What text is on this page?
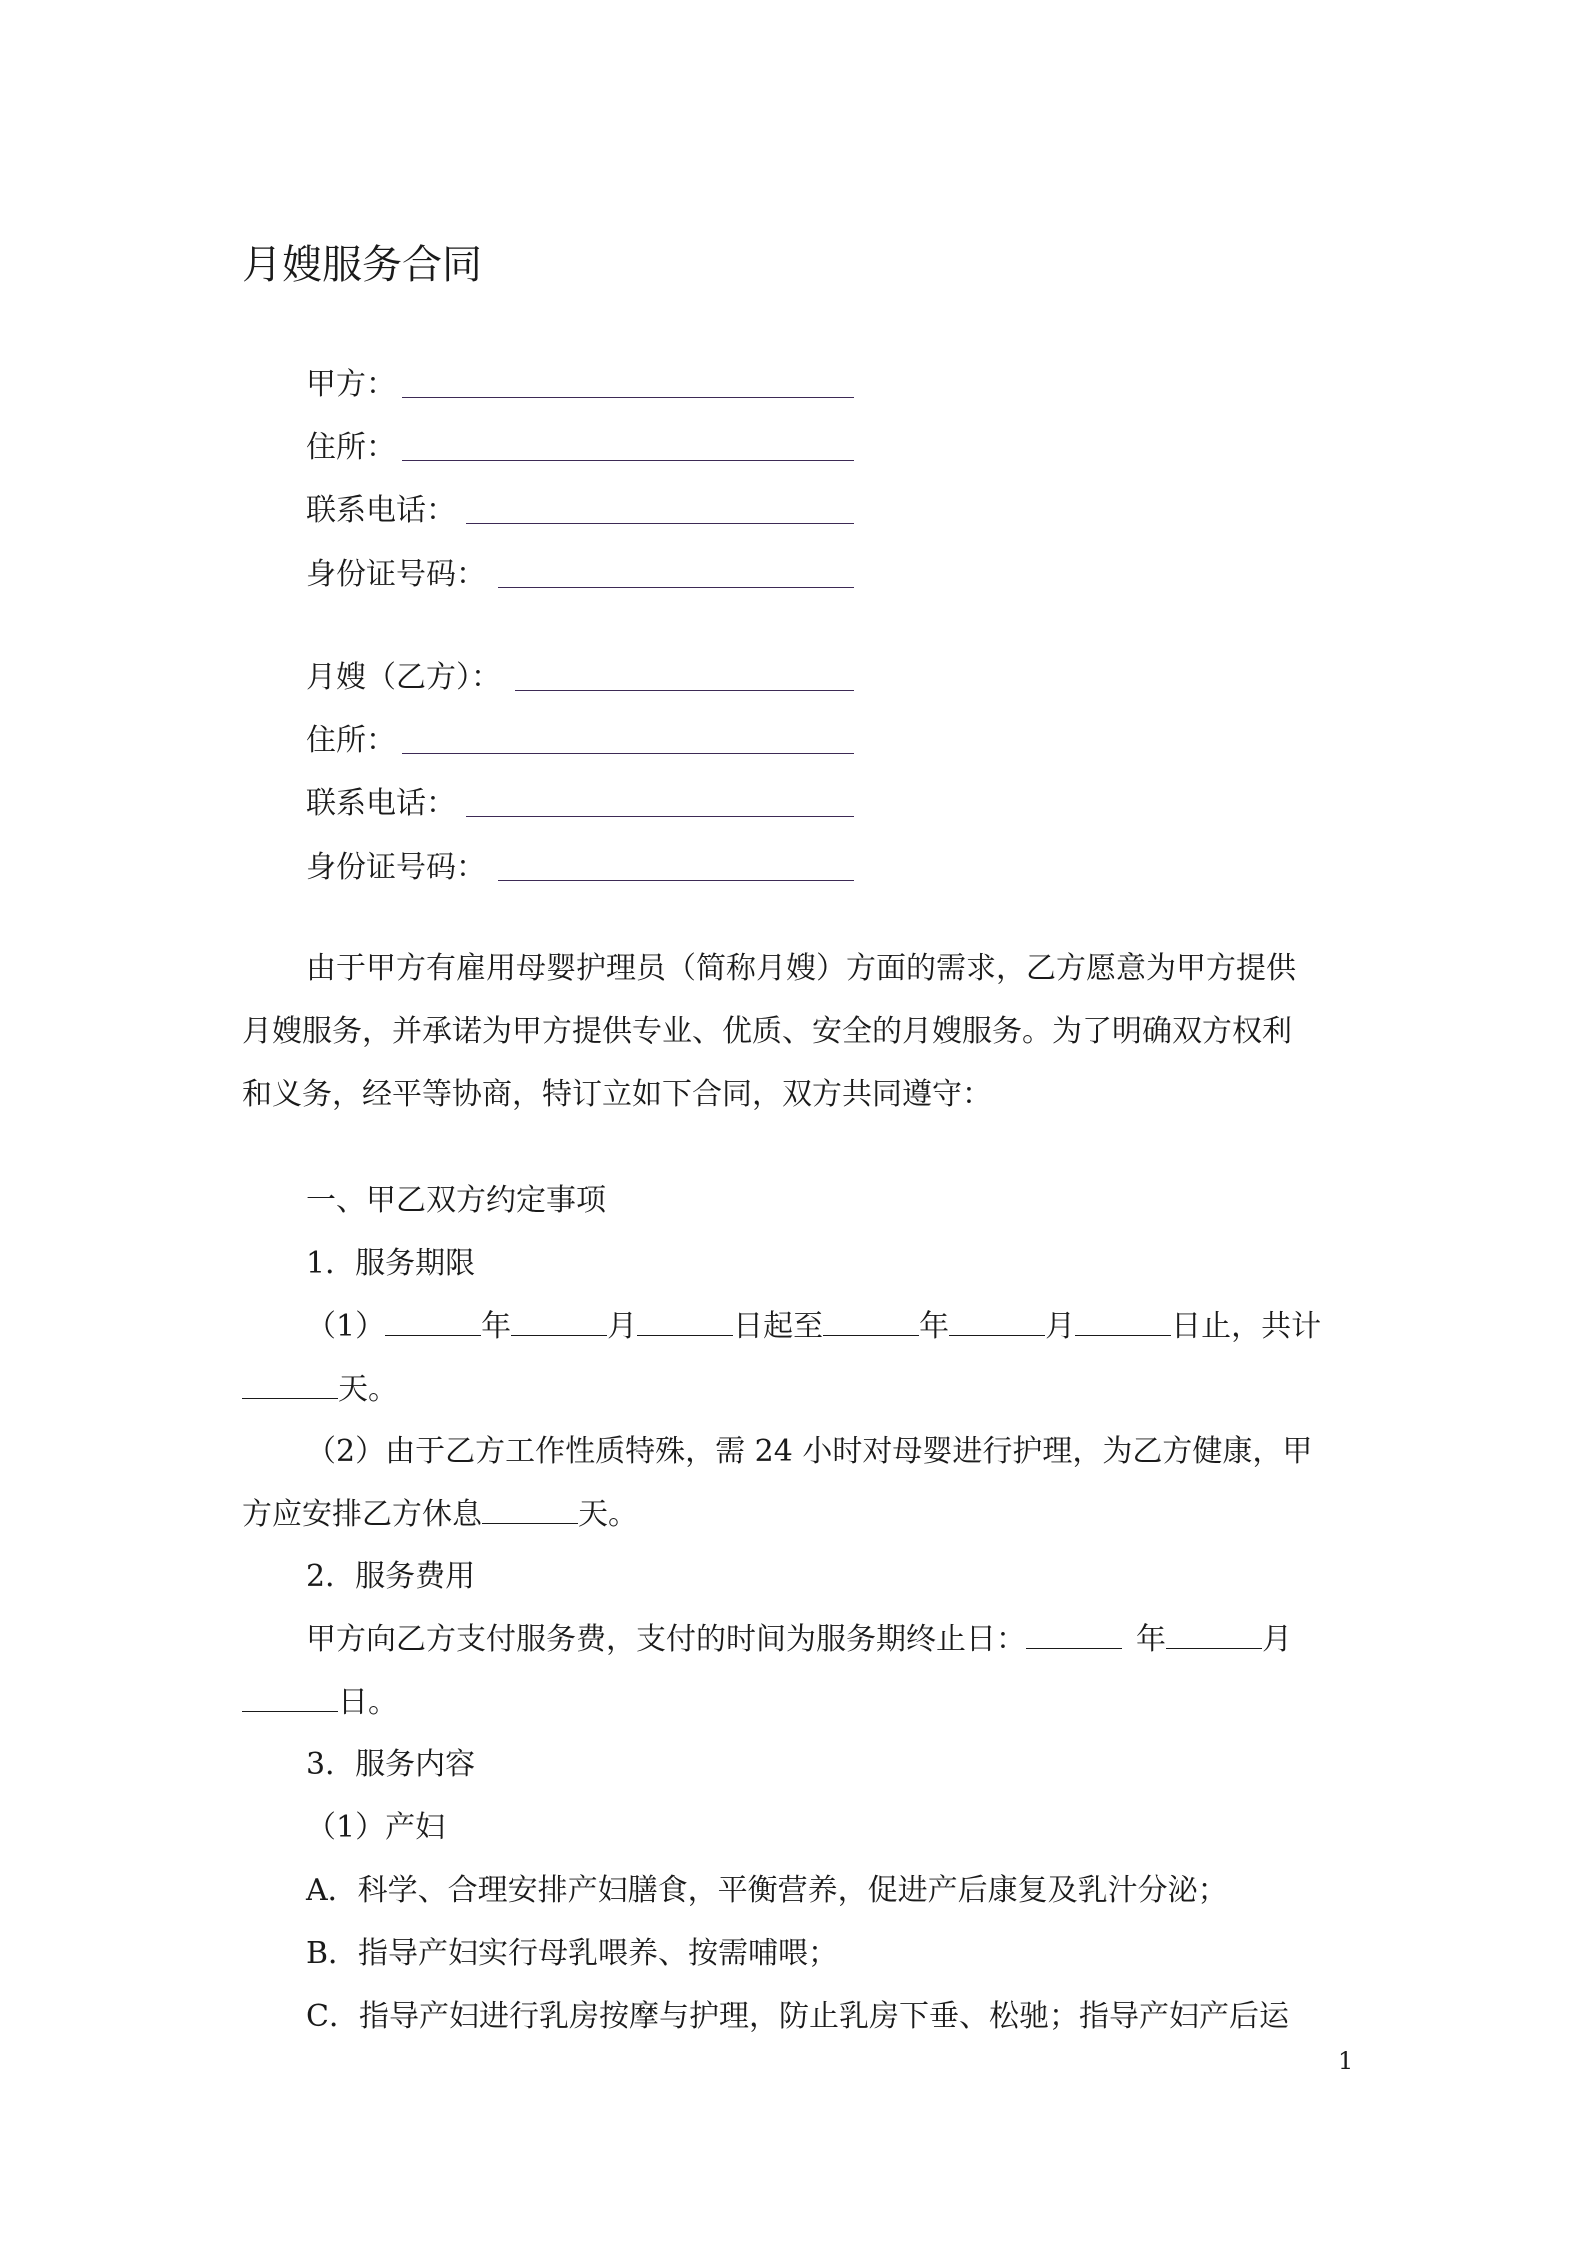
月嫂服务合同
甲方：
住所：
联系电话：
身份证号码：
月嫂（乙方）：
住所：
联系电话：
身份证号码：
由于甲方有雇用母婴护理员（简称月嫂）方面的需求，乙方愿意为甲方提供
月嫂服务，并承诺为甲方提供专业、优质、安全的月嫂服务。为了明确双方权利
和义务，经平等协商，特订立如下合同，双方共同遵守：
一、甲乙双方约定事项
1．服务期限
（1）	年	月	日起至	年	月	日止，共计
天。
（2）由于乙方工作性质特殊，需 24 小时对母婴进行护理，为乙方健康，甲
方应安排乙方休息	天。
2．服务费用
甲方向乙方支付服务费，支付的时间为服务期终止日：	年	月
日。
3．服务内容
（1）产妇
A．科学、合理安排产妇膳食，平衡营养，促进产后康复及乳汁分泌；
B．指导产妇实行母乳喂养、按需哺喂；
C．指导产妇进行乳房按摩与护理，防止乳房下垂、松驰；指导产妇产后运
1
